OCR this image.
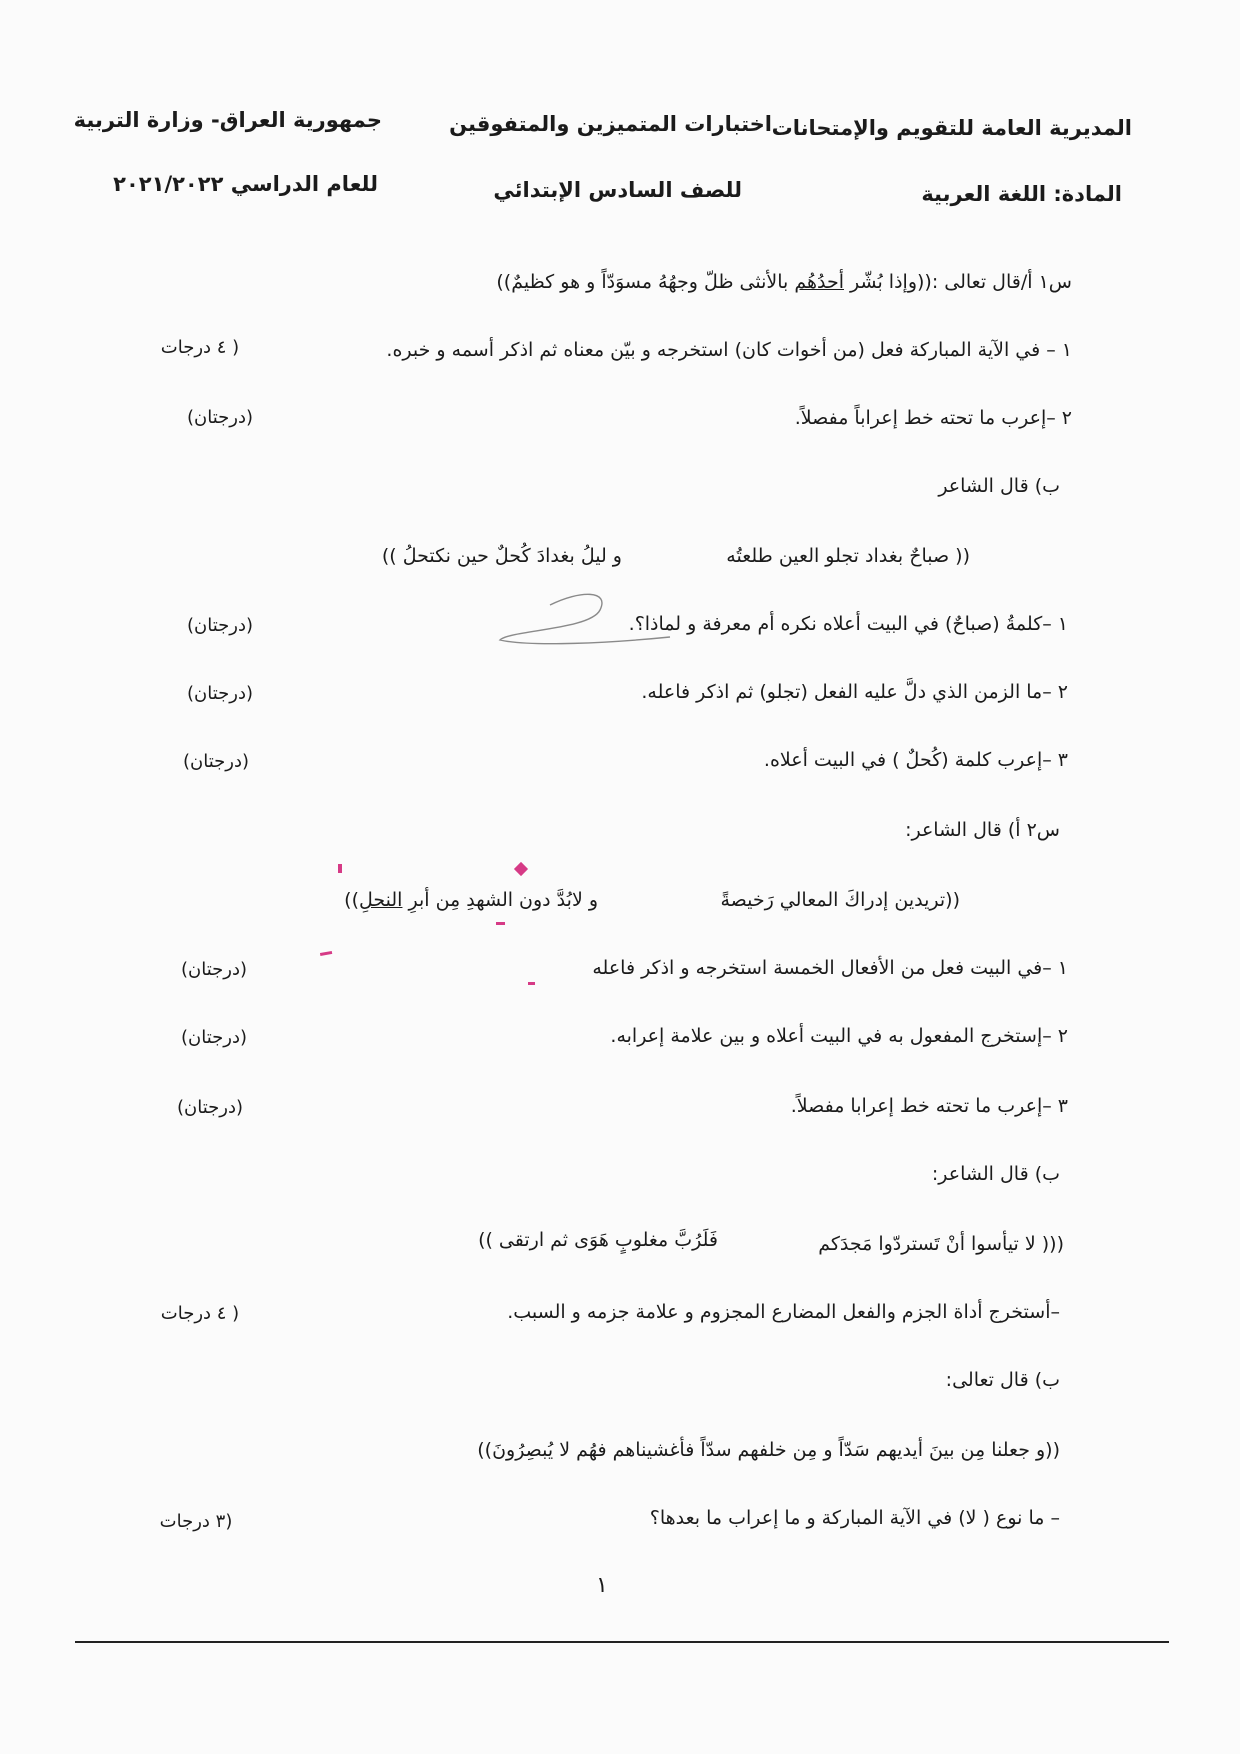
المديرية العامة للتقويم والإمتحانات
اختبارات المتميزين والمتفوقين
جمهورية العراق- وزارة التربية
المادة: اللغة العربية
للصف السادس الإبتدائي
للعام الدراسي ٢٠٢١/٢٠٢٢
س١ أ/قال تعالى :((وإذا بُشّر أحدُهُم بالأنثى ظلّ وجهُهُ مسوَدّاً و هو كظيمٌ))
١ – في الآية المباركة فعل (من أخوات كان) استخرجه و بيّن معناه ثم اذكر أسمه و خبره.
( ٤ درجات
٢ –إعرب ما تحته خط إعراباً مفصلاً.
(درجتان)
ب) قال الشاعر
(( صباحٌ بغداد تجلو العين طلعتُه
و ليلُ بغدادَ كُحلٌ حين نكتحلُ ))
١ –كلمةُ (صباحٌ) في البيت أعلاه نكره أم معرفة و لماذا؟.
(درجتان)
٢ –ما الزمن الذي دلَّ عليه الفعل (تجلو) ثم اذكر فاعله.
(درجتان)
٣ –إعرب كلمة (كُحلٌ ) في البيت أعلاه.
(درجتان)
س٢ أ) قال الشاعر:
((تريدين إدراكَ المعالي رَخيصةً
و لابُدَّ دون الشهدِ مِن أبرِ النحلِ))
١ –في البيت فعل من الأفعال الخمسة استخرجه و اذكر فاعله
(درجتان)
٢ –إستخرج المفعول به في البيت أعلاه و بين علامة إعرابه.
(درجتان)
٣ –إعرب ما تحته خط إعرابا مفصلاً.
(درجتان)
ب) قال الشاعر:
((( لا تيأسوا أنْ تَستردّوا مَجدَكم
فَلَرُبَّ مغلوبٍ هَوَى ثم ارتقى ))
–أستخرج أداة الجزم والفعل المضارع المجزوم و علامة جزمه و السبب.
( ٤ درجات
ب) قال تعالى:
((و جعلنا مِن بينَ أيديهم سَدّاً و مِن خلفهم سدّاً فأغشيناهم فهُم لا يُبصِرُونَ))
– ما نوع ( لا) في الآية المباركة و ما إعراب ما بعدها؟
(٣ درجات
١
